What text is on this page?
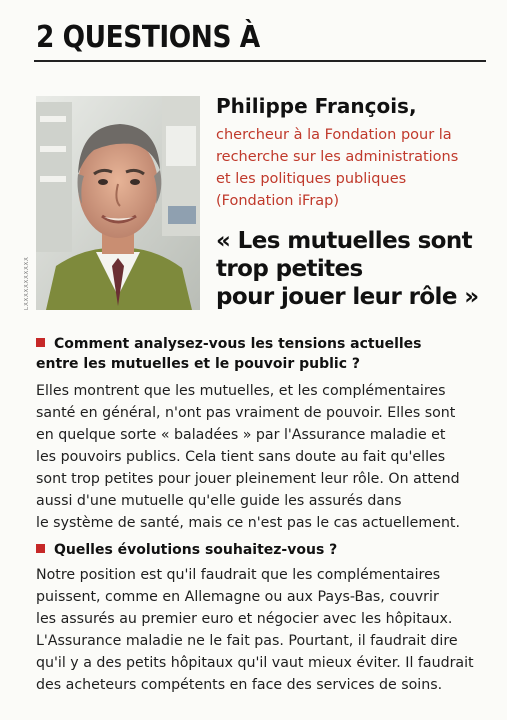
2 QUESTIONS À
LXXXXXXXXXXX
Philippe François,
chercheur à la Fondation pour la
recherche sur les administrations
et les politiques publiques
(Fondation iFrap)
« Les mutuelles sont
trop petites
pour jouer leur rôle »
Comment analysez-vous les tensions actuelles
entre les mutuelles et le pouvoir public ?
Elles montrent que les mutuelles, et les complémentaires
santé en général, n'ont pas vraiment de pouvoir. Elles sont
en quelque sorte « baladées » par l'Assurance maladie et
les pouvoirs publics. Cela tient sans doute au fait qu'elles
sont trop petites pour jouer pleinement leur rôle. On attend
aussi d'une mutuelle qu'elle guide les assurés dans
le système de santé, mais ce n'est pas le cas actuellement.
Quelles évolutions souhaitez-vous ?
Notre position est qu'il faudrait que les complémentaires
puissent, comme en Allemagne ou aux Pays-Bas, couvrir
les assurés au premier euro et négocier avec les hôpitaux.
L'Assurance maladie ne le fait pas. Pourtant, il faudrait dire
qu'il y a des petits hôpitaux qu'il vaut mieux éviter. Il faudrait
des acheteurs compétents en face des services de soins.
